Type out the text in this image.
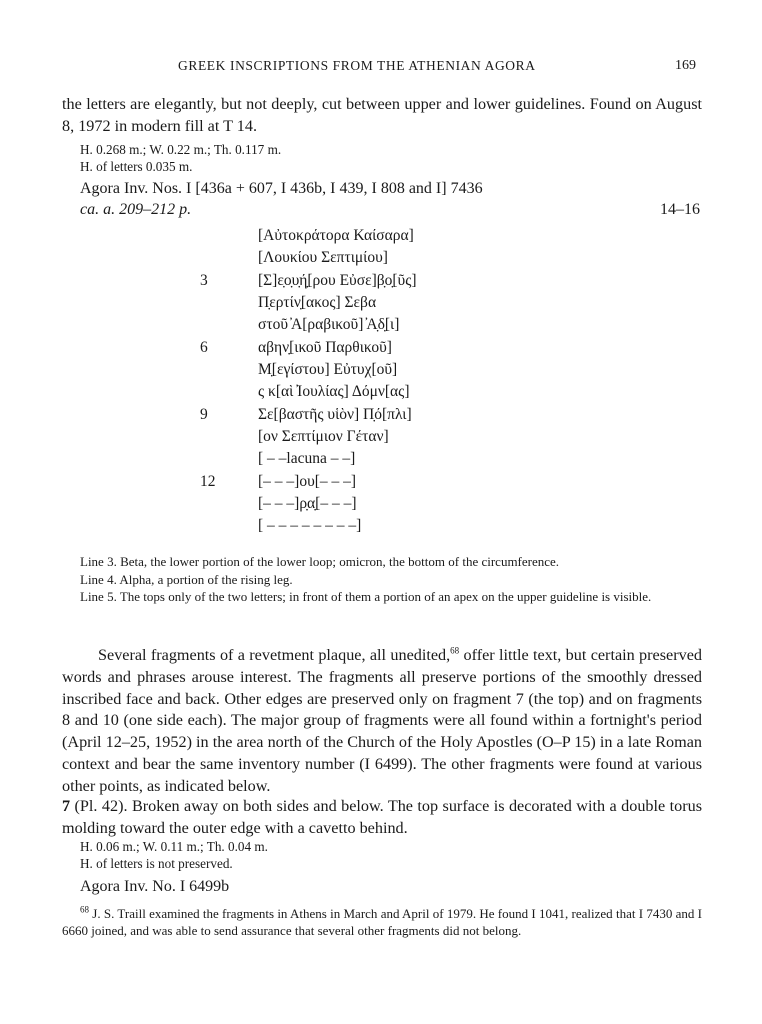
GREEK INSCRIPTIONS FROM THE ATHENIAN AGORA	169

the letters are elegantly, but not deeply, cut between upper and lower guidelines. Found on August 8, 1972 in modern fill at T 14.

H. 0.268 m.; W. 0.22 m.; Th. 0.117 m.
H. of letters 0.035 m.
Agora Inv. Nos. I [436a + 607, I 436b, I 439, I 808 and I] 7436
ca. a. 209–212 p.	14–16
[Αὐτοκράτορα Καίσαρα]
[Λουκίου Σεπτιμίου]
3	[Σ]ε̣ο̣υ̣ή̣[ρου Εὐσε]β̣ο̣[ῦς]
Π̣ερτίν̣[ακος] Σεβα
στοῦ ̓Α[ραβικοῦ] ̓Α̣δ̣[ι]
6	αβην̣[ικοῦ Παρθικοῦ]
Μ̣[εγίστου] Εὐτυχ[οῦ]
ς κ[αὶ ̓Ιουλίας] Δόμν[ας]
9	Σε[βαστῆς υἱὸν] Π̣ό[πλι]
[ον Σεπτίμιον Γέταν]
[ – –lacuna – –]
12	[– – –]ου[– – –]
[– – –]ρ̣α̣[– – –]
[ – – – – – – – –]

Line 3. Beta, the lower portion of the lower loop; omicron, the bottom of the circumference.

Line 4. Alpha, a portion of the rising leg.

Line 5. The tops only of the two letters; in front of them a portion of an apex on the upper guideline is visible.

Several fragments of a revetment plaque, all unedited,$^{68}$ offer little text, but certain preserved words and phrases arouse interest. The fragments all preserve portions of the smoothly dressed inscribed face and back. Other edges are preserved only on fragment 7 (the top) and on fragments 8 and 10 (one side each). The major group of fragments were all found within a fortnight's period (April 12–25, 1952) in the area north of the Church of the Holy Apostles (O–P 15) in a late Roman context and bear the same inventory number (I 6499). The other fragments were found at various other points, as indicated below.

7 (Pl. 42). Broken away on both sides and below. The top surface is decorated with a double torus molding toward the outer edge with a cavetto behind.

H. 0.06 m.; W. 0.11 m.; Th. 0.04 m.
H. of letters is not preserved.
Agora Inv. No. I 6499b

$^{68}$ J. S. Traill examined the fragments in Athens in March and April of 1979. He found I 1041, realized that I 7430 and I 6660 joined, and was able to send assurance that several other fragments did not belong.
